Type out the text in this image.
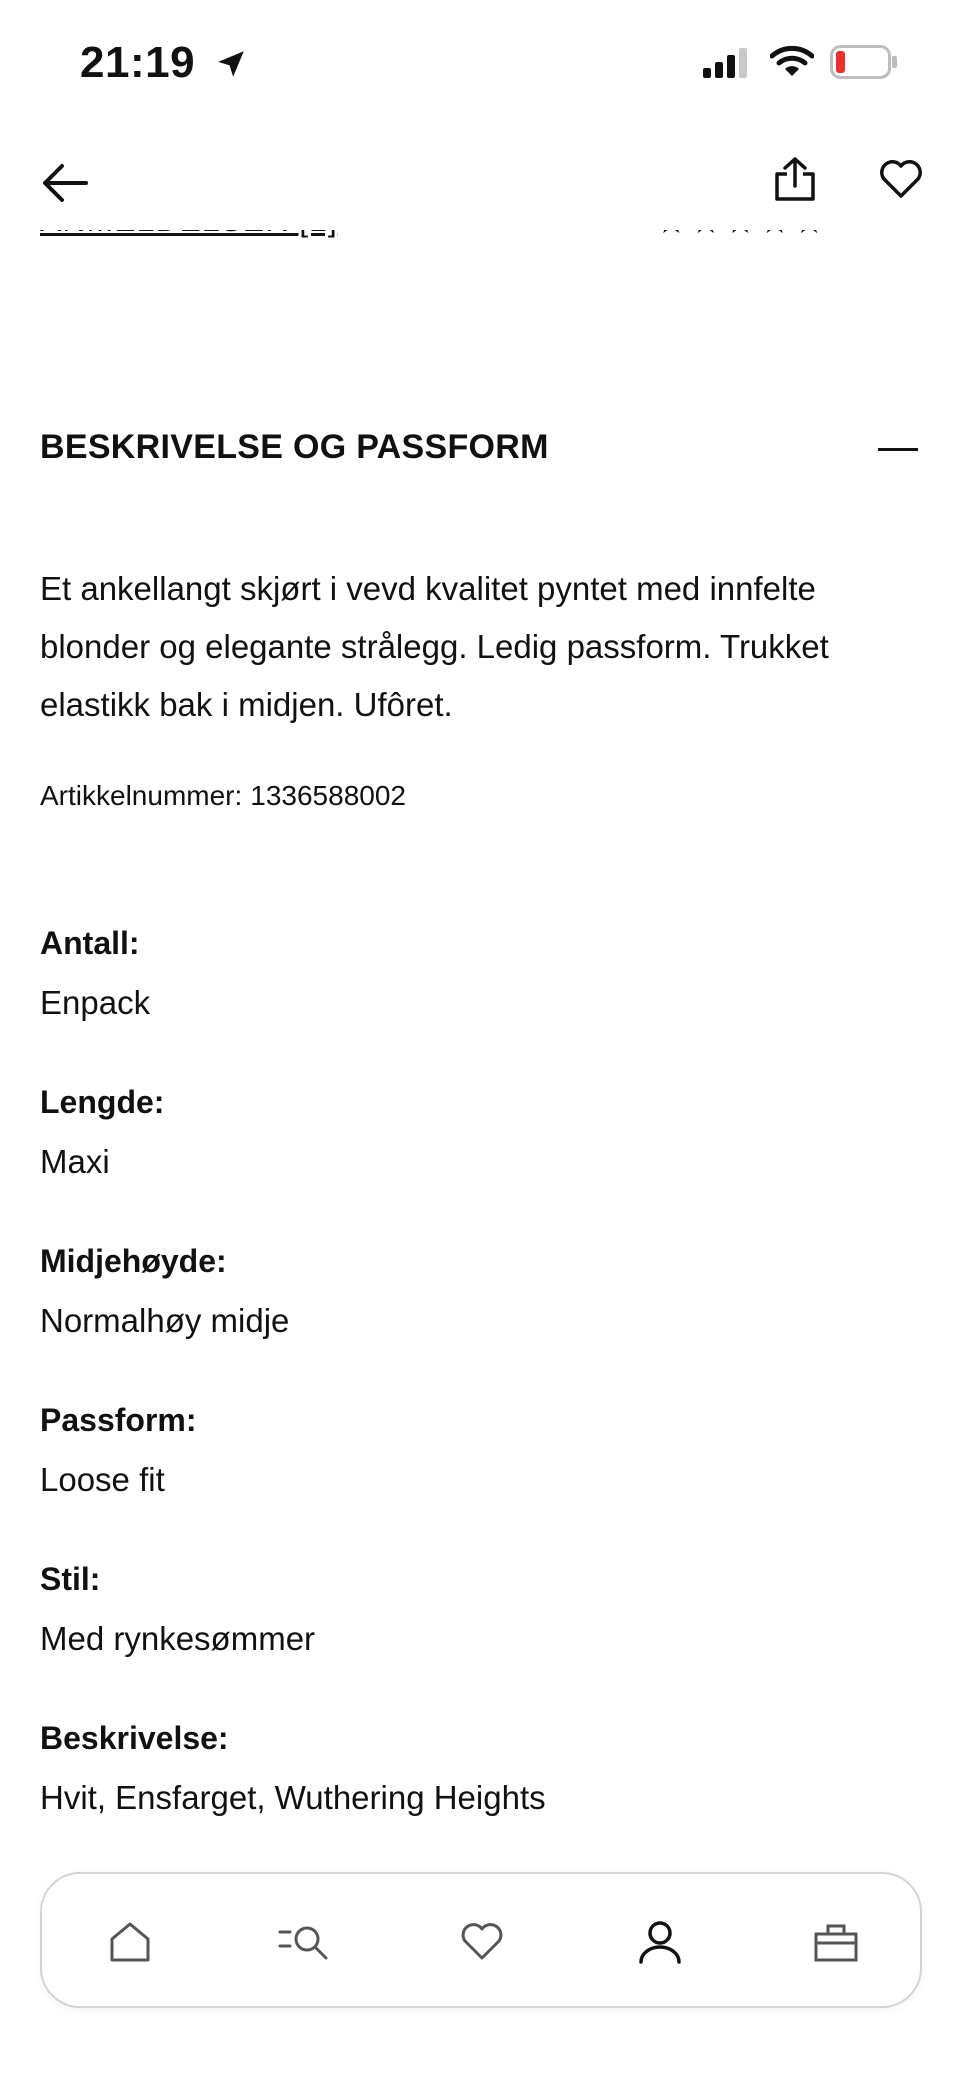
21:19
BESKRIVELSE OG PASSFORM
Et ankellangt skjørt i vevd kvalitet pyntet med innfelte blonder og elegante strålegg. Ledig passform. Trukket elastikk bak i midjen. Ufôret.
Artikkelnummer: 1336588002
Antall:
Enpack
Lengde:
Maxi
Midjehøyde:
Normalhøy midje
Passform:
Loose fit
Stil:
Med rynkesømmer
Beskrivelse:
Hvit, Ensfarget, Wuthering Heights
